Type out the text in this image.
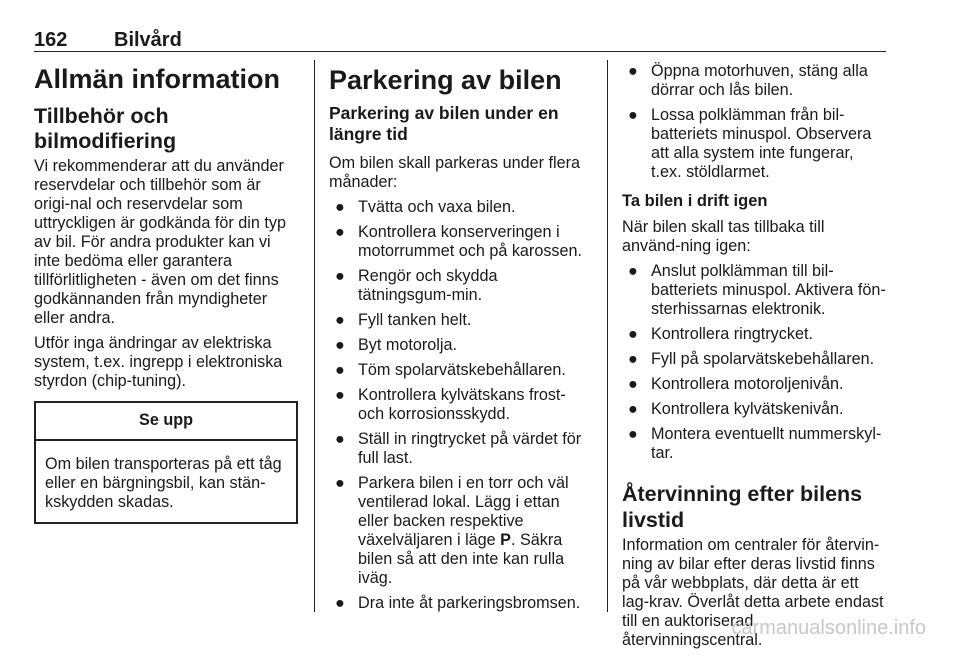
162 Bilvård
Allmän information
Tillbehör och bilmodifiering

Vi rekommenderar att du använder reservdelar och tillbehör som är origi-nal och reservdelar som uttryckligen är godkända för din typ av bil. För andra produkter kan vi inte bedöma eller garantera tillförlitligheten - även om det finns godkännanden från myndigheter eller andra.

Utför inga ändringar av elektriska system, t.ex. ingrepp i elektroniska styrdon (chip-tuning).

Se upp
Om bilen transporteras på ett tåg eller en bärgningsbil, kan stän-kskydden skadas.
Parkering av bilen
Parkering av bilen under en längre tid

Om bilen skall parkeras under flera månader:

● Tvätta och vaxa bilen.
● Kontrollera konserveringen i motorrummet och på karossen.
● Rengör och skydda tätningsgum-min.
● Fyll tanken helt.
● Byt motorolja.
● Töm spolarvätskebehållaren.
● Kontrollera kylvätskans frost- och korrosionsskydd.
● Ställ in ringtrycket på värdet för full last.
● Parkera bilen i en torr och väl ventilerad lokal. Lägg i ettan eller backen respektive växelväljaren i läge P. Säkra bilen så att den inte kan rulla iväg.
● Dra inte åt parkeringsbromsen.
● Öppna motorhuven, stäng alla dörrar och lås bilen.
● Lossa polklämman från bil-batteriets minuspol. Observera att alla system inte fungerar, t.ex. stöldlarmet.
Ta bilen i drift igen

När bilen skall tas tillbaka till använd-ning igen:

● Anslut polklämman till bil-batteriets minuspol. Aktivera fön-sterhissarnas elektronik.
● Kontrollera ringtrycket.
● Fyll på spolarvätskebehållaren.
● Kontrollera motoroljenivån.
● Kontrollera kylvätskenivån.
● Montera eventuellt nummerskyl-tar.
Återvinning efter bilens livstid

Information om centraler för återvin-ning av bilar efter deras livstid finns på vår webbplats, där detta är ett lag-krav. Överlåt detta arbete endast till en auktoriserad återvinningscentral.

carmanualsonline.info
